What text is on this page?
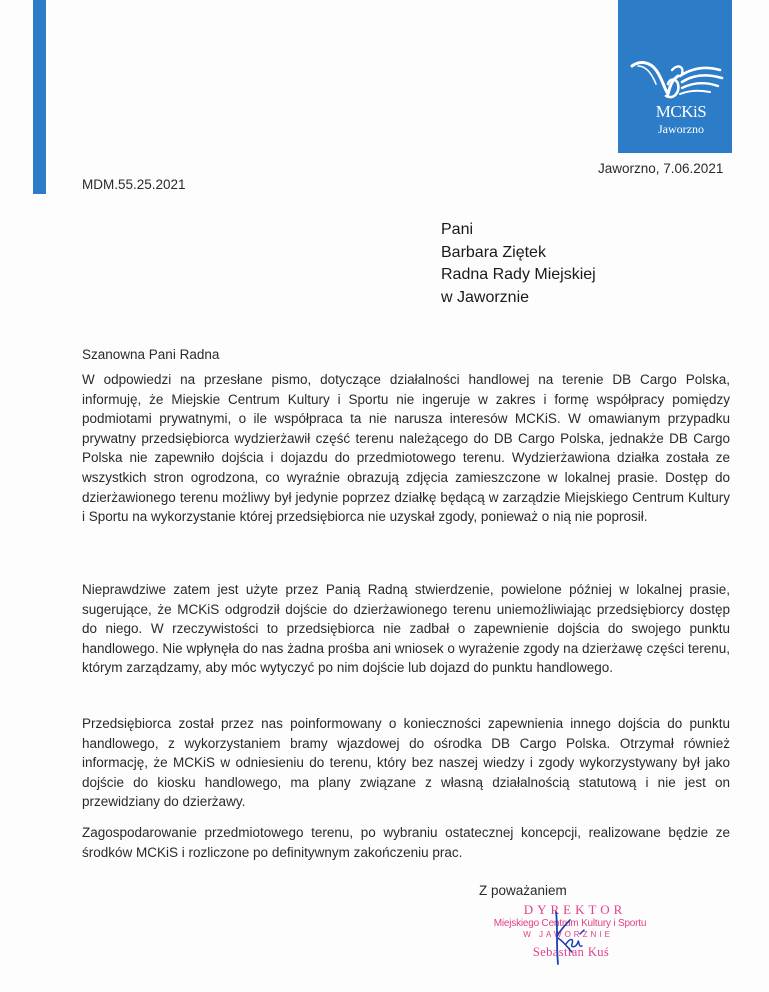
MCKiS
Jaworzno
Jaworzno, 7.06.2021
MDM.55.25.2021
Pani
Barbara Ziętek
Radna Rady Miejskiej
w Jaworznie
Szanowna Pani Radna
W odpowiedzi na przesłane pismo, dotyczące działalności handlowej na terenie DB Cargo Polska, informuję, że Miejskie Centrum Kultury i Sportu nie ingeruje w zakres i formę współpracy pomiędzy podmiotami prywatnymi, o ile współpraca ta nie narusza interesów MCKiS. W omawianym przypadku prywatny przedsiębiorca wydzierżawił część terenu należącego do DB Cargo Polska, jednakże DB Cargo Polska nie zapewniło dojścia i dojazdu do przedmiotowego terenu. Wydzierżawiona działka została ze wszystkich stron ogrodzona, co wyraźnie obrazują zdjęcia zamieszczone w lokalnej prasie. Dostęp do dzierżawionego terenu możliwy był jedynie poprzez działkę będącą w zarządzie Miejskiego Centrum Kultury i Sportu na wykorzystanie której przedsiębiorca nie uzyskał zgody, ponieważ o nią nie poprosił.
Nieprawdziwe zatem jest użyte przez Panią Radną stwierdzenie, powielone później w lokalnej prasie, sugerujące, że MCKiS odgrodził dojście do dzierżawionego terenu uniemożliwiając przedsiębiorcy dostęp do niego. W rzeczywistości to przedsiębiorca nie zadbał o zapewnienie dojścia do swojego punktu handlowego. Nie wpłynęła do nas żadna prośba ani wniosek o wyrażenie zgody na dzierżawę części terenu, którym zarządzamy, aby móc wytyczyć po nim dojście lub dojazd do punktu handlowego.
Przedsiębiorca został przez nas poinformowany o konieczności zapewnienia innego dojścia do punktu handlowego, z wykorzystaniem bramy wjazdowej do ośrodka DB Cargo Polska. Otrzymał również informację, że MCKiS w odniesieniu do terenu, który bez naszej wiedzy i zgody wykorzystywany był jako dojście do kiosku handlowego, ma plany związane z własną działalnością statutową i nie jest on przewidziany do dzierżawy.
Zagospodarowanie przedmiotowego terenu, po wybraniu ostatecznej koncepcji, realizowane będzie ze środków MCKiS i rozliczone po definitywnym zakończeniu prac.
Z poważaniem
DYREKTOR
Miejskiego Centrum Kultury i Sportu
W JAWORZNIE
Sebastian Kuś
